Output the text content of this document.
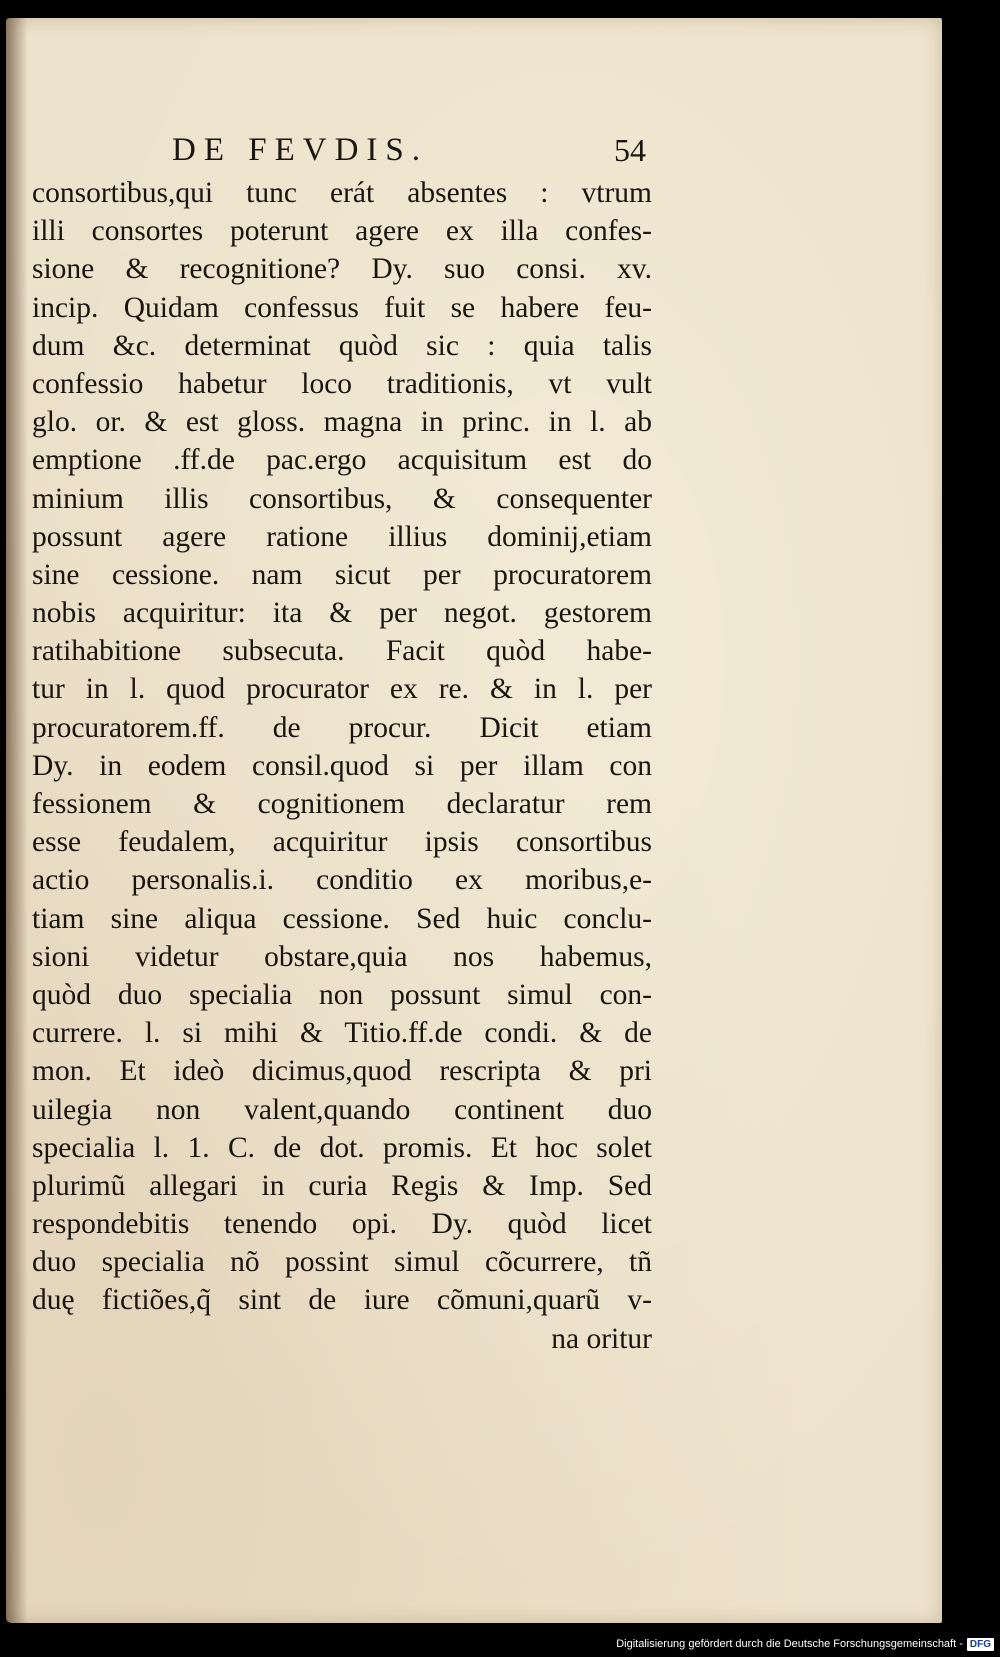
DE FEVDIS.	54
consortibus,qui tunc erát absentes : vtrum
illi consortes poterunt agere ex illa confes-
sione & recognitione? Dy. suo consi. xv.
incip. Quidam confessus fuit se habere feu-
dum &c. determinat quòd sic : quia talis
confessio habetur loco traditionis, vt vult
glo. or. & est gloss. magna in princ. in l. ab
emptione .ff.de pac.ergo acquisitum est do
minium illis consortibus, & consequenter
possunt agere ratione illius dominij,etiam
sine cessione. nam sicut per procuratorem
nobis acquiritur: ita & per negot. gestorem
ratihabitione subsecuta. Facit quòd habe-
tur in l. quod procurator ex re. & in l. per
procuratorem.ff. de procur. Dicit etiam
Dy. in eodem consil.quod si per illam con
fessionem & cognitionem declaratur rem
esse feudalem, acquiritur ipsis consortibus
actio personalis.i. conditio ex moribus,e-
tiam sine aliqua cessione. Sed huic conclu-
sioni videtur obstare,quia nos habemus,
quòd duo specialia non possunt simul con-
currere. l. si mihi & Titio.ff.de condi. & de
mon. Et ideò dicimus,quod rescripta & pri
uilegia non valent,quando continent duo
specialia l. 1. C. de dot. promis. Et hoc solet
plurimũ allegari in curia Regis & Imp. Sed
respondebitis tenendo opi. Dy. quòd licet
duo specialia nõ possint simul cõcurrere, tñ
duę fictiões,q̃ sint de iure cõmuni,quarũ v-
na oritur
Digitalisierung gefördert durch die Deutsche Forschungsgemeinschaft - DFG
